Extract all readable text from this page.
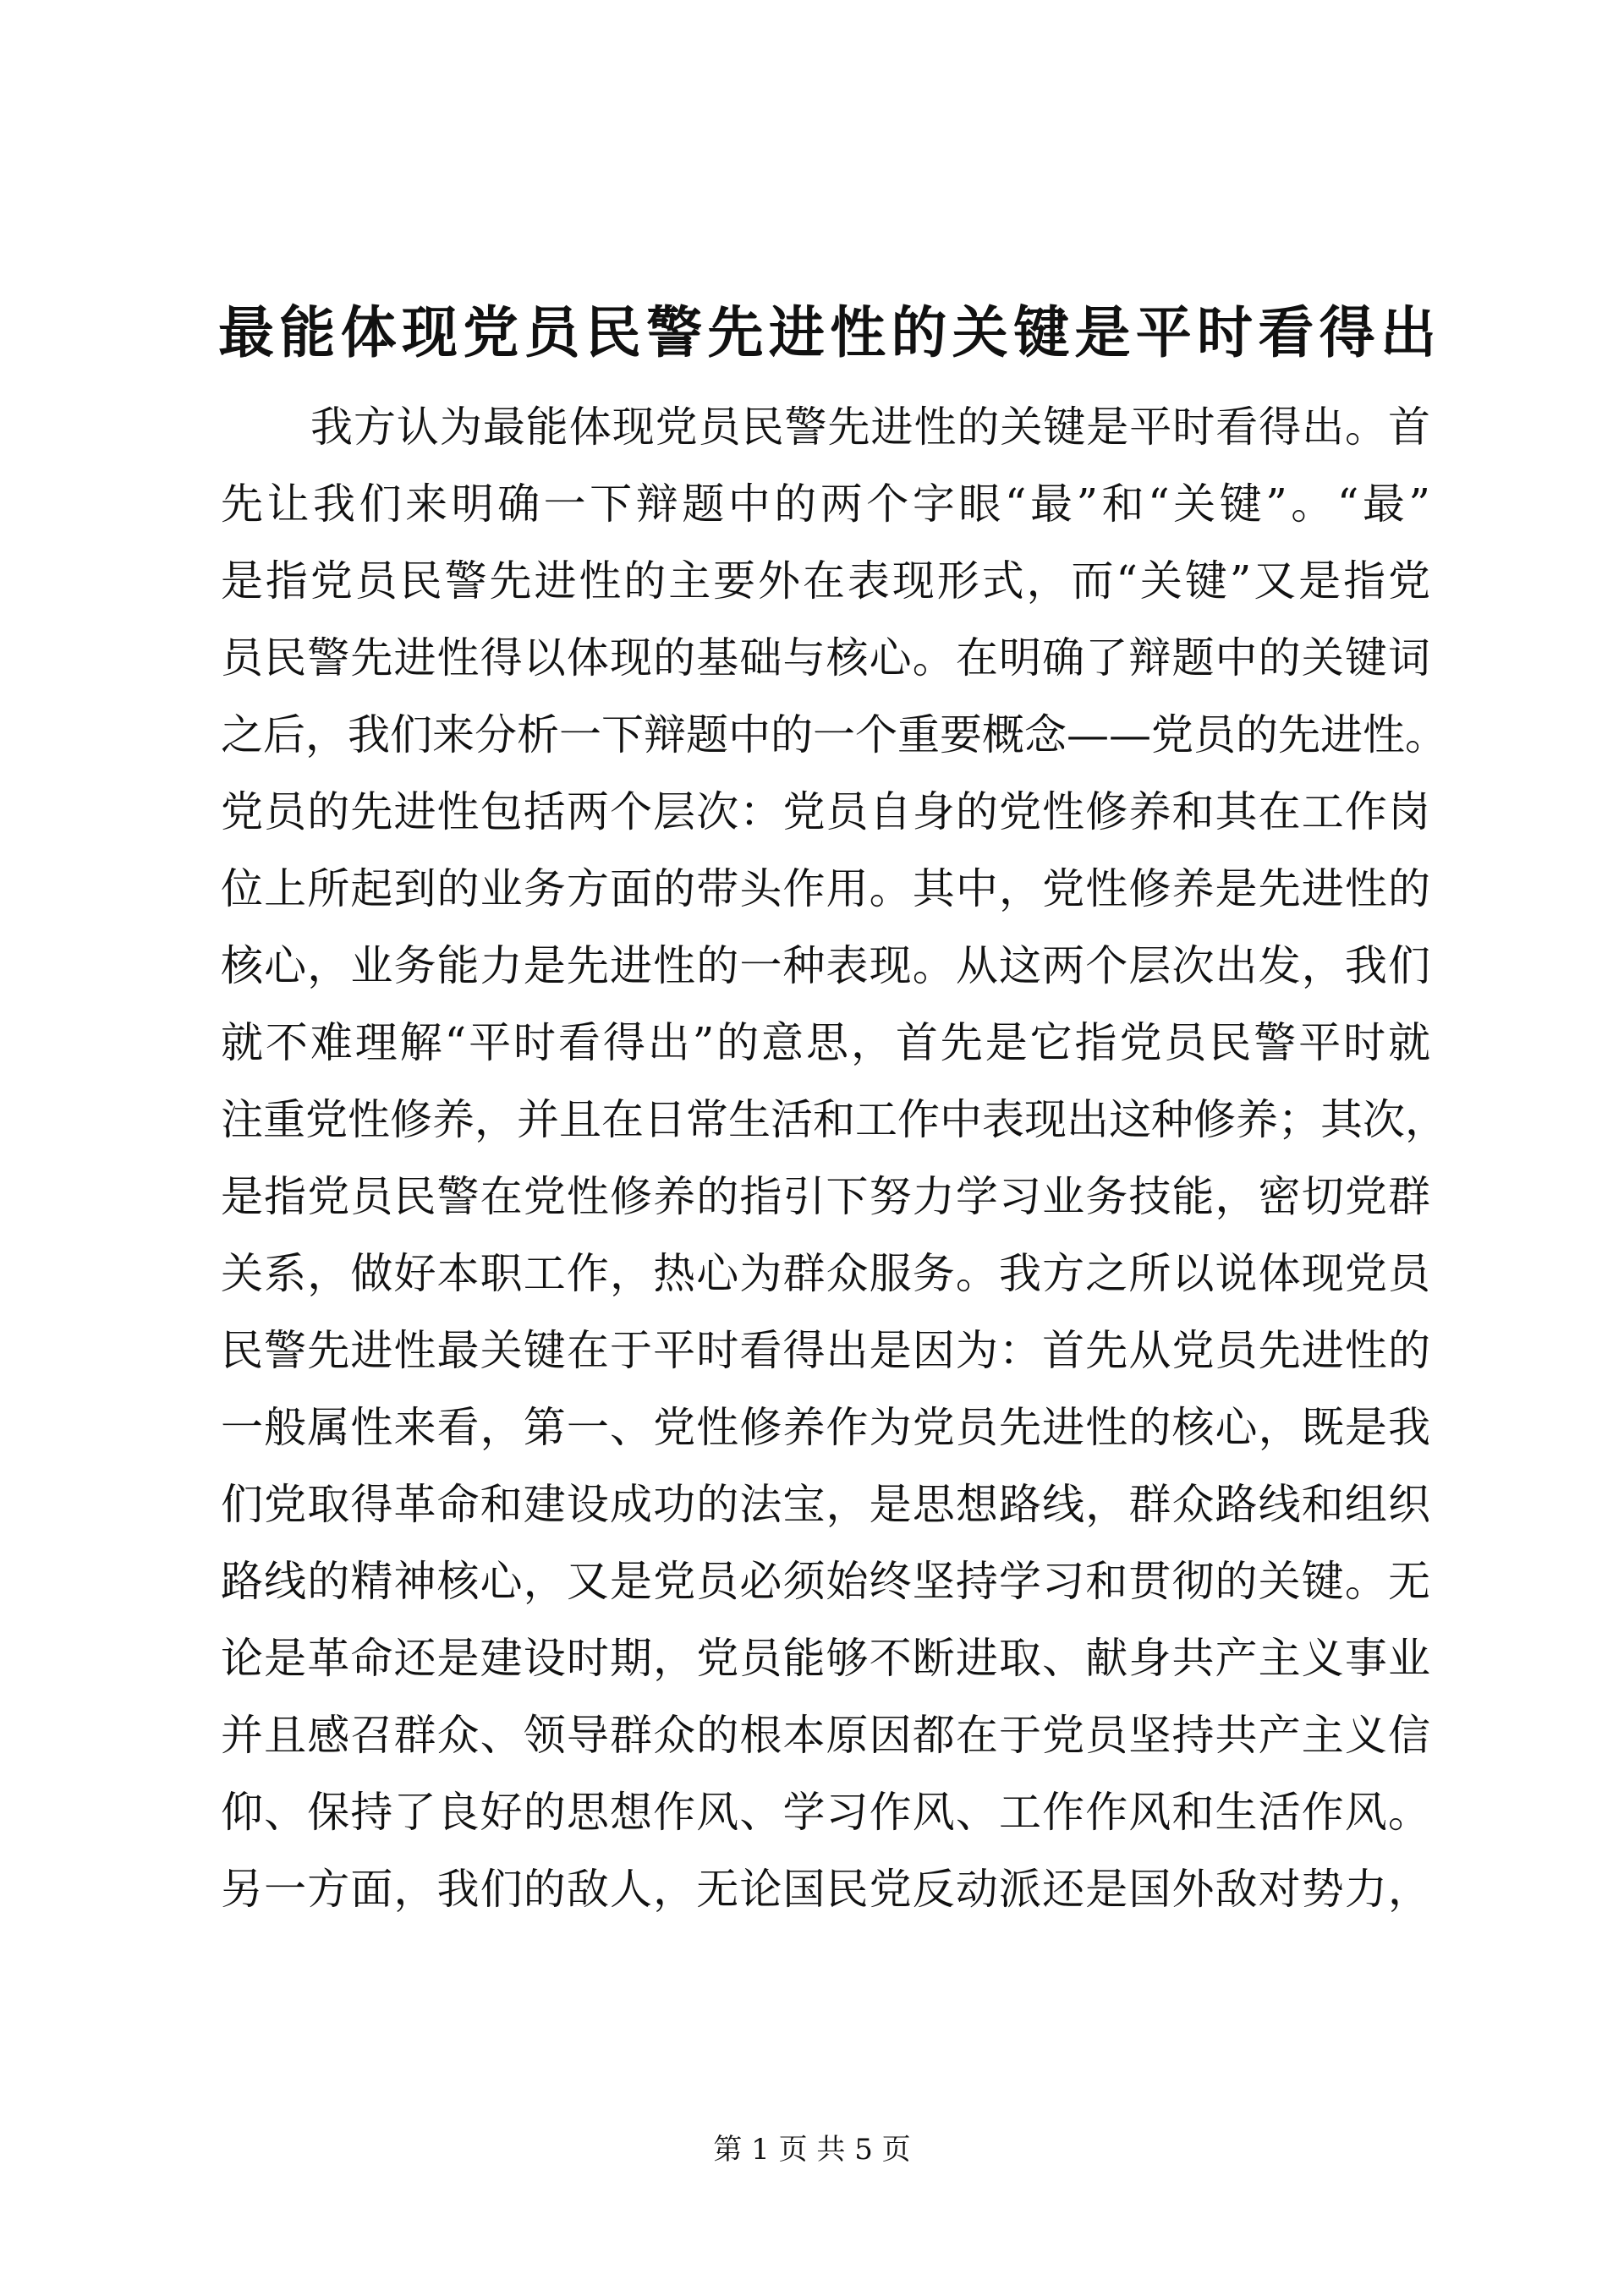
最能体现党员民警先进性的关键是平时看得出
我方认为最能体现党员民警先进性的关键是平时看得出。首
先让我们来明确一下辩题中的两个字眼“最”和“关键”。“最”
是指党员民警先进性的主要外在表现形式，而“关键”又是指党
员民警先进性得以体现的基础与核心。在明确了辩题中的关键词
之后，我们来分析一下辩题中的一个重要概念——党员的先进性。
党员的先进性包括两个层次：党员自身的党性修养和其在工作岗
位上所起到的业务方面的带头作用。其中，党性修养是先进性的
核心，业务能力是先进性的一种表现。从这两个层次出发，我们
就不难理解“平时看得出”的意思，首先是它指党员民警平时就
注重党性修养，并且在日常生活和工作中表现出这种修养；其次，
是指党员民警在党性修养的指引下努力学习业务技能，密切党群
关系，做好本职工作，热心为群众服务。我方之所以说体现党员
民警先进性最关键在于平时看得出是因为：首先从党员先进性的
一般属性来看，第一、党性修养作为党员先进性的核心，既是我
们党取得革命和建设成功的法宝，是思想路线，群众路线和组织
路线的精神核心，又是党员必须始终坚持学习和贯彻的关键。无
论是革命还是建设时期，党员能够不断进取、献身共产主义事业
并且感召群众、领导群众的根本原因都在于党员坚持共产主义信
仰、保持了良好的思想作风、学习作风、工作作风和生活作风。
另一方面，我们的敌人，无论国民党反动派还是国外敌对势力，
第 1 页 共 5 页
